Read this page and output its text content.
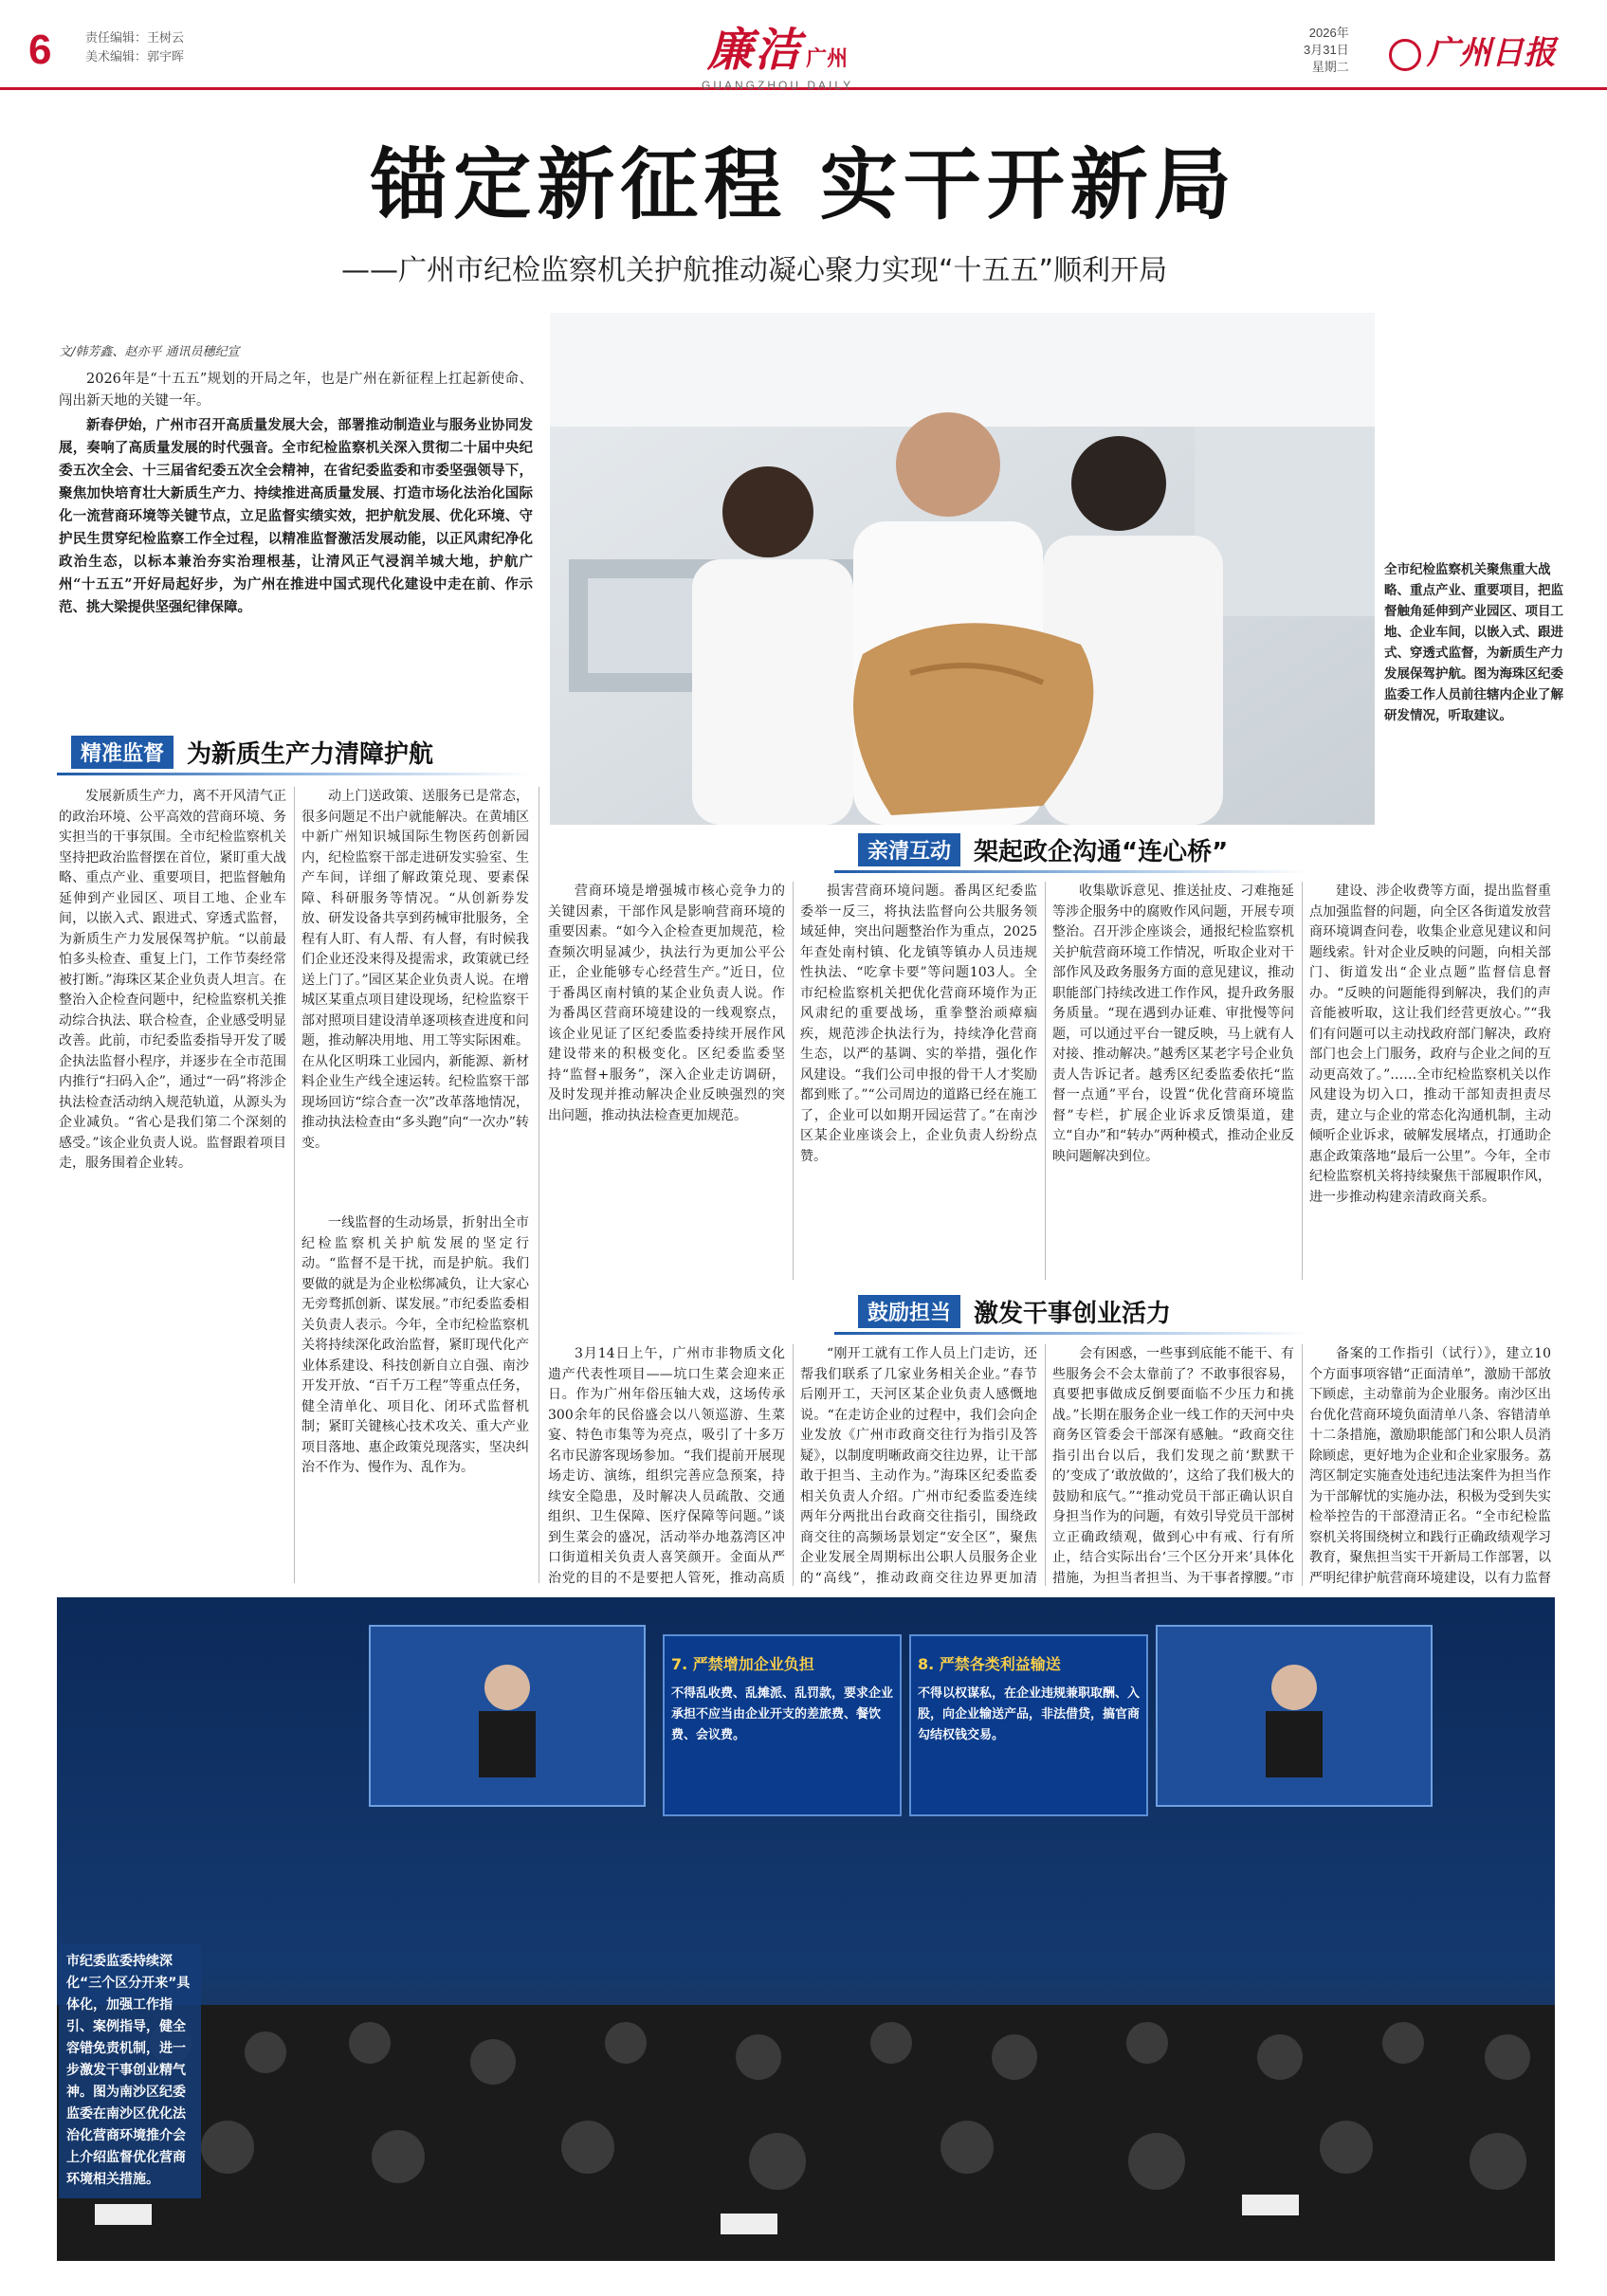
6	责任编辑：王树云
美术编辑：郭宇晖	廉洁 广州
GUANGZHOU DAILY
2026年
3月31日
星期二	广州日报
锚定新征程 实干开新局
——广州市纪检监察机关护航推动凝心聚力实现“十五五”顺利开局
文/韩芳鑫、赵亦平 通讯员穗纪宣

2026年是“十五五”规划的开局之年，也是广州在新征程上扛起新使命、闯出新天地的关键一年。

新春伊始，广州市召开高质量发展大会，部署推动制造业与服务业协同发展，奏响了高质量发展的时代强音。全市纪检监察机关深入贯彻二十届中央纪委五次全会、十三届省纪委五次全会精神，在省纪委监委和市委坚强领导下，聚焦加快培育壮大新质生产力、持续推进高质量发展、打造市场化法治化国际化一流营商环境等关键节点，立足监督实绩实效，把护航发展、优化环境、守护民生贯穿纪检监察工作全过程，以精准监督激活发展动能，以正风肃纪净化政治生态，以标本兼治夯实治理根基，让清风正气浸润羊城大地，护航广州“十五五”开好局起好步，为广州在推进中国式现代化建设中走在前、作示范、挑大梁提供坚强纪律保障。

全市纪检监察机关聚焦重大战略、重点产业、重要项目，把监督触角延伸到产业园区、项目工地、企业车间，以嵌入式、跟进式、穿透式监督，为新质生产力发展保驾护航。图为海珠区纪委监委工作人员前往辖内企业了解研发情况，听取建议。
精准监督 为新质生产力清障护航

发展新质生产力，离不开风清气正的政治环境、公平高效的营商环境、务实担当的干事氛围。全市纪检监察机关坚持把政治监督摆在首位，紧盯重大战略、重点产业、重要项目，把监督触角延伸到产业园区、项目工地、企业车间，以嵌入式、跟进式、穿透式监督，为新质生产力发展保驾护航。“以前最怕多头检查、重复上门，工作节奏经常被打断。”海珠区某企业负责人坦言。在整治入企检查问题中，纪检监察机关推动综合执法、联合检查，企业感受明显改善。此前，市纪委监委指导开发了暖企执法监督小程序，并逐步在全市范围内推行“扫码入企”，通过“一码”将涉企执法检查活动纳入规范轨道，从源头为企业减负。“省心是我们第二个深刻的感受。”该企业负责人说。监督跟着项目走，服务围着企业转。

动上门送政策、送服务已是常态，很多问题足不出户就能解决。在黄埔区中新广州知识城国际生物医药创新园内，纪检监察干部走进研发实验室、生产车间，详细了解政策兑现、要素保障、科研服务等情况。“从创新券发放、研发设备共享到药械审批服务，全程有人盯、有人帮、有人督，有时候我们企业还没来得及提需求，政策就已经送上门了。”园区某企业负责人说。在增城区某重点项目建设现场，纪检监察干部对照项目建设清单逐项核查进度和问题，推动解决用地、用工等实际困难。在从化区明珠工业园内，新能源、新材料企业生产线全速运转。纪检监察干部现场回访“综合查一次”改革落地情况，推动执法检查由“多头跑”向“一次办”转变。

一线监督的生动场景，折射出全市纪检监察机关护航发展的坚定行动。“监督不是干扰，而是护航。我们要做的就是为企业松绑减负，让大家心无旁骛抓创新、谋发展。”市纪委监委相关负责人表示。今年，全市纪检监察机关将持续深化政治监督，紧盯现代化产业体系建设、科技创新自立自强、南沙开发开放、“百千万工程”等重点任务，健全清单化、项目化、闭环式监督机制；紧盯关键核心技术攻关、重大产业项目落地、惠企政策兑现落实，坚决纠治不作为、慢作为、乱作为。

亲清互动 架起政企沟通“连心桥”

营商环境是增强城市核心竞争力的关键因素，干部作风是影响营商环境的重要因素。“如今入企检查更加规范，检查频次明显减少，执法行为更加公平公正，企业能够专心经营生产。”近日，位于番禺区南村镇的某企业负责人说。作为番禺区营商环境建设的一线观察点，该企业见证了区纪委监委持续开展作风建设带来的积极变化。区纪委监委坚持“监督+服务”，深入企业走访调研，及时发现并推动解决企业反映强烈的突出问题，推动执法检查更加规范。

损害营商环境问题。番禺区纪委监委举一反三，将执法监督向公共服务领域延伸，突出问题整治作为重点，2025年查处南村镇、化龙镇等镇办人员违规性执法、“吃拿卡要”等问题103人。全市纪检监察机关把优化营商环境作为正风肃纪的重要战场，重拳整治顽瘴痼疾，规范涉企执法行为，持续净化营商生态，以严的基调、实的举措，强化作风建设。“我们公司申报的骨干人才奖励都到账了。”“公司周边的道路已经在施工了，企业可以如期开园运营了。”在南沙区某企业座谈会上，企业负责人纷纷点赞。

收集歇诉意见、推送扯皮、刁难拖延等涉企服务中的腐败作风问题，开展专项整治。召开涉企座谈会，通报纪检监察机关护航营商环境工作情况，听取企业对干部作风及政务服务方面的意见建议，推动职能部门持续改进工作作风，提升政务服务质量。“现在遇到办证难、审批慢等问题，可以通过平台一键反映，马上就有人对接、推动解决。”越秀区某老字号企业负责人告诉记者。越秀区纪委监委依托“监督一点通”平台，设置“优化营商环境监督”专栏，扩展企业诉求反馈渠道，建立“自办”和“转办”两种模式，推动企业反映问题解决到位。

建设、涉企收费等方面，提出监督重点加强监督的问题，向全区各街道发放营商环境调查问卷，收集企业意见建议和问题线索。针对企业反映的问题，向相关部门、街道发出“企业点题”监督信息督办。“反映的问题能得到解决，我们的声音能被听取，这让我们经营更放心。”“我们有问题可以主动找政府部门解决，政府部门也会上门服务，政府与企业之间的互动更高效了。”……全市纪检监察机关以作风建设为切入口，推动干部知责担责尽责，建立与企业的常态化沟通机制，主动倾听企业诉求，破解发展堵点，打通助企惠企政策落地“最后一公里”。今年，全市纪检监察机关将持续聚焦干部履职作风，进一步推动构建亲清政商关系。

鼓励担当 激发干事创业活力

3月14日上午，广州市非物质文化遗产代表性项目——坑口生菜会迎来正日。作为广州年俗压轴大戏，这场传承300余年的民俗盛会以八领巡游、生菜宴、特色市集等为亮点，吸引了十多万名市民游客现场参加。“我们提前开展现场走访、演练，组织完善应急预案，持续安全隐患，及时解决人员疏散、交通组织、卫生保障、医疗保障等问题。”谈到生菜会的盛况，活动举办地荔湾区冲口街道相关负责人喜笑颜开。金面从严治党的目的不是要把人管死，推动高质

“刚开工就有工作人员上门走访，还帮我们联系了几家业务相关企业。”春节后刚开工，天河区某企业负责人感慨地说。“在走访企业的过程中，我们会向企业发放《广州市政商交往行为指引及答疑》，以制度明晰政商交往边界，让干部敢于担当、主动作为。”海珠区纪委监委相关负责人介绍。广州市纪委监委连续两年分两批出台政商交往指引，围绕政商交往的高频场景划定“安全区”，聚焦企业发展全周期标出公职人员服务企业的“高线”，推动政商交往边界更加清

会有困惑，一些事到底能不能干、有些服务会不会太靠前了？不敢事很容易，真要把事做成反倒要面临不少压力和挑战。”长期在服务企业一线工作的天河中央商务区管委会干部深有感触。“政商交往指引出台以后，我们发现之前‘默默干的’变成了‘敢放做的’，这给了我们极大的鼓励和底气。”“推动党员干部正确认识自身担当作为的问题，有效引导党员干部树立正确政绩观，做到心中有戒、行有所止，结合实际出台‘三个区分开来’具体化措施，为担当者担当、为干事者撑腰。”市

备案的工作指引（试行）》，建立10个方面事项容错“正面清单”，激励干部放下顾虑，主动靠前为企业服务。南沙区出台优化营商环境负面清单八条、容错清单十二条措施，激励职能部门和公职人员消除顾虑，更好地为企业和企业家服务。荔湾区制定实施查处违纪违法案件为担当作为干部解忧的实施办法，积极为受到失实检举控告的干部澄清正名。“全市纪检监察机关将围绕树立和践行正确政绩观学习教育，聚焦担当实干开新局工作部署，以严明纪律护航营商环境建设，以有力监督

7. 严禁增加企业负担
不得乱收费、乱摊派、乱罚款，要求企业承担不应当由企业开支的差旅费、餐饮费、会议费。
8. 严禁各类利益输送
不得以权谋私，在企业违规兼职取酬、入股，向企业输送产品，非法借贷，搞官商勾结权钱交易。
市纪委监委持续深化“三个区分开来”具体化，加强工作指引、案例指导，健全容错免责机制，进一步激发干事创业精气神。图为南沙区纪委监委在南沙区优化法治化营商环境推介会上介绍监督优化营商环境相关措施。
